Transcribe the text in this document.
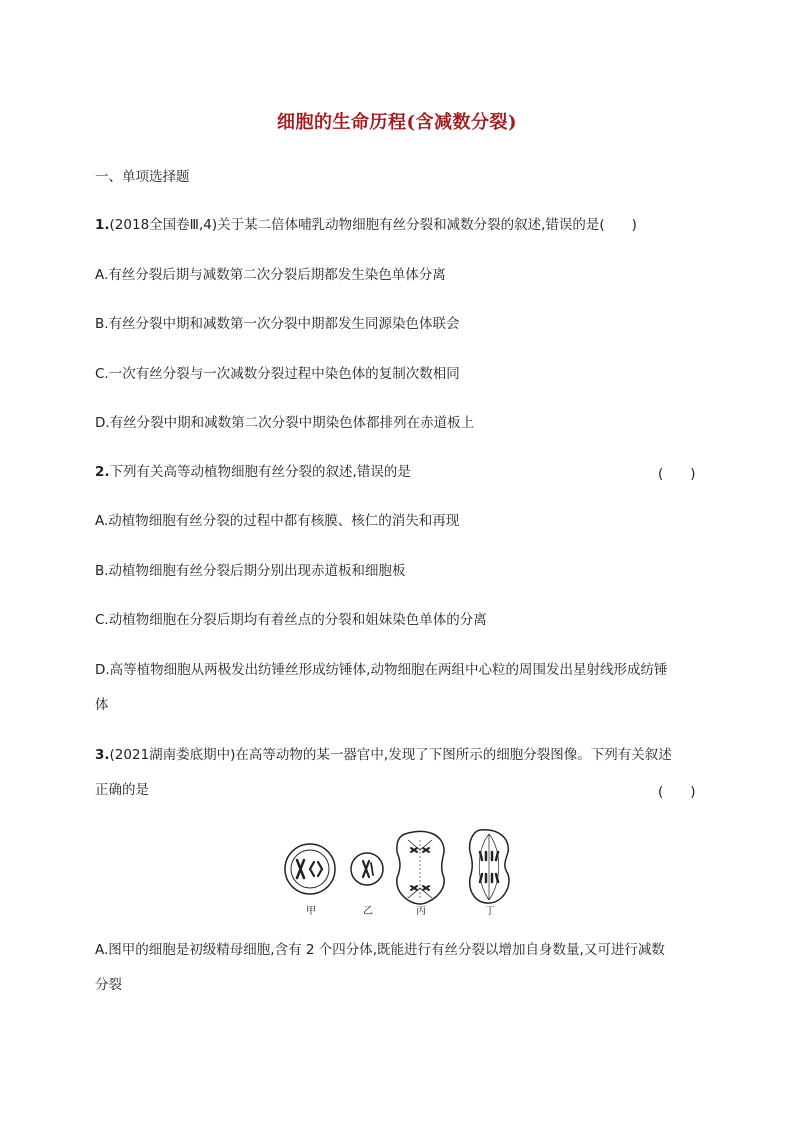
细胞的生命历程(含减数分裂)
一、单项选择题
1.(2018全国卷Ⅲ,4)关于某二倍体哺乳动物细胞有丝分裂和减数分裂的叙述,错误的是(　　)
A.有丝分裂后期与减数第二次分裂后期都发生染色单体分离
B.有丝分裂中期和减数第一次分裂中期都发生同源染色体联会
C.一次有丝分裂与一次减数分裂过程中染色体的复制次数相同
D.有丝分裂中期和减数第二次分裂中期染色体都排列在赤道板上
2.下列有关高等动植物细胞有丝分裂的叙述,错误的是	(　　)
A.动植物细胞有丝分裂的过程中都有核膜、核仁的消失和再现
B.动植物细胞有丝分裂后期分别出现赤道板和细胞板
C.动植物细胞在分裂后期均有着丝点的分裂和姐妹染色单体的分离
D.高等植物细胞从两极发出纺锤丝形成纺锤体,动物细胞在两组中心粒的周围发出星射线形成纺锤
体
3.(2021湖南娄底期中)在高等动物的某一器官中,发现了下图所示的细胞分裂图像。下列有关叙述
正确的是	(　　)
甲	乙	丙	丁
A.图甲的细胞是初级精母细胞,含有 2 个四分体,既能进行有丝分裂以增加自身数量,又可进行减数
分裂
